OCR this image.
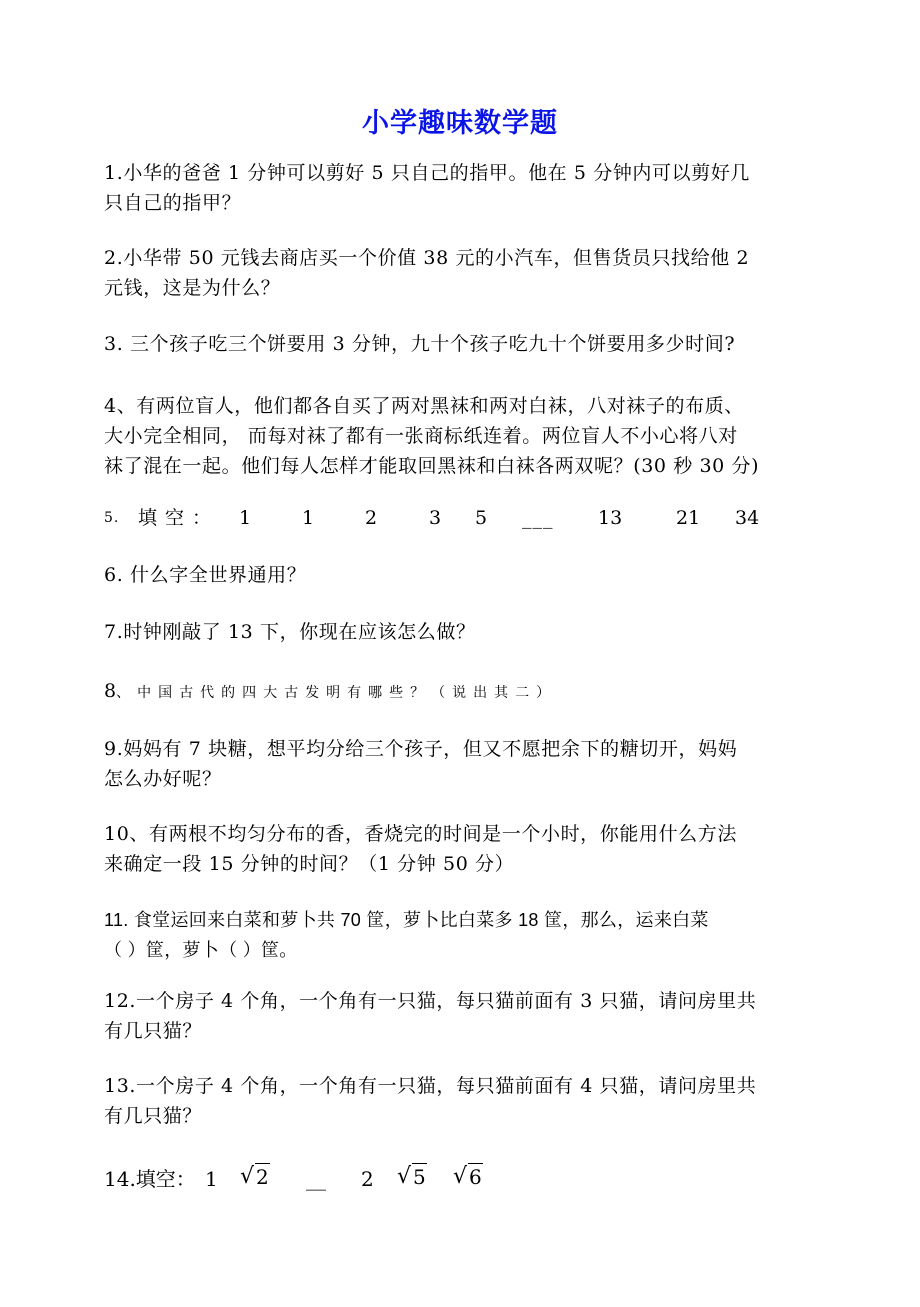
小学趣味数学题
1.小华的爸爸 1 分钟可以剪好 5 只自己的指甲。他在 5 分钟内可以剪好几
只自己的指甲？
2.小华带 50 元钱去商店买一个价值 38 元的小汽车，但售货员只找给他 2
元钱，这是为什么？
3. 三个孩子吃三个饼要用 3 分钟，九十个孩子吃九十个饼要用多少时间?
4、有两位盲人，他们都各自买了两对黑袜和两对白袜，八对袜子的布质、
大小完全相同， 而每对袜了都有一张商标纸连着。两位盲人不小心将八对
袜了混在一起。他们每人怎样才能取回黑袜和白袜各两双呢？(30 秒 30 分)
5. 填空： 1	1	2	3 5 ___ 13	21 34
6. 什么字全世界通用？
7.时钟刚敲了 13 下，你现在应该怎么做？
8、中国古代的四大古发明有哪些？（说出其二）
9.妈妈有 7 块糖，想平均分给三个孩子，但又不愿把余下的糖切开，妈妈
怎么办好呢？
10、有两根不均匀分布的香，香烧完的时间是一个小时，你能用什么方法
来确定一段 15 分钟的时间？（1 分钟 50 分）
11. 食堂运回来白菜和萝卜共 70 筐，萝卜比白菜多 18 筐，那么，运来白菜
（ ）筐，萝卜（ ）筐。
12.一个房子 4 个角，一个角有一只猫，每只猫前面有 3 只猫，请问房里共
有几只猫？
13.一个房子 4 个角，一个角有一只猫，每只猫前面有 4 只猫，请问房里共
有几只猫？
14.填空： 1 √ 2 __ 2 √ 5 √ 6
